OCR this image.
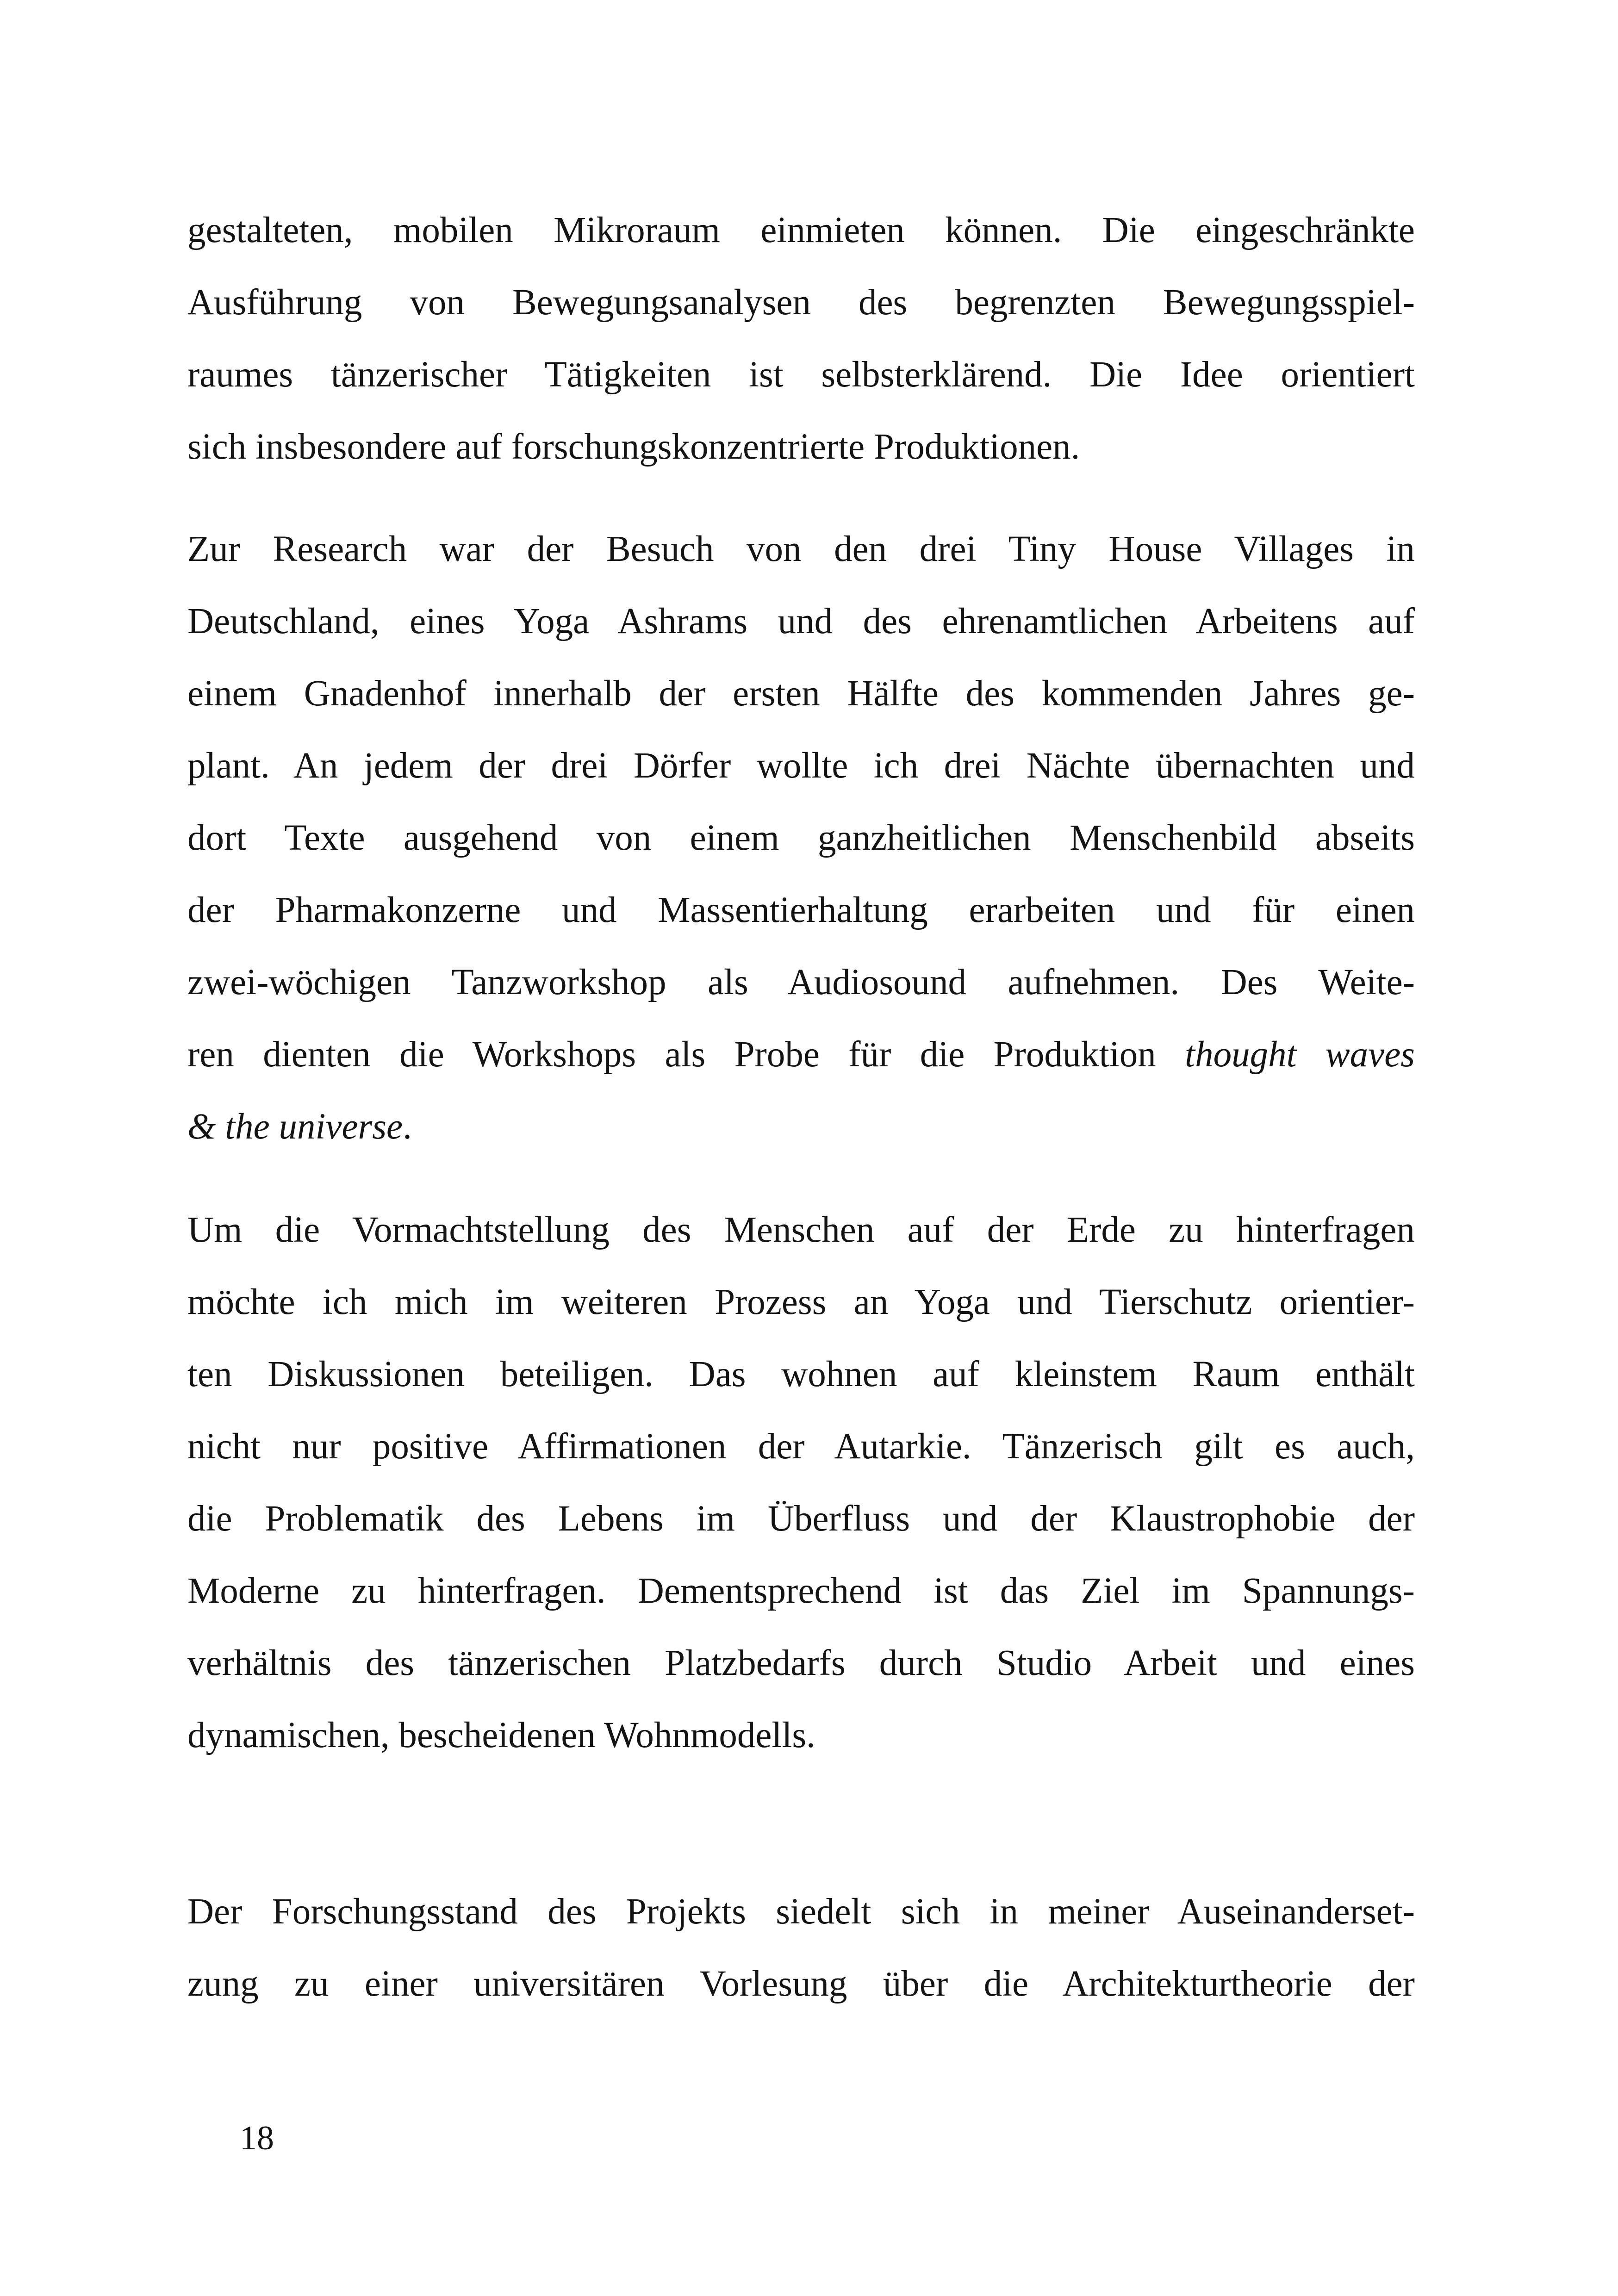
gestalteten, mobilen Mikroraum einmieten können. Die eingeschränkte
Ausführung von Bewegungsanalysen des begrenzten Bewegungsspiel-
raumes tänzerischer Tätigkeiten ist selbsterklärend. Die Idee orientiert
sich insbesondere auf forschungskonzentrierte Produktionen.
Zur Research war der Besuch von den drei Tiny House Villages in
Deutschland, eines Yoga Ashrams und des ehrenamtlichen Arbeitens auf
einem Gnadenhof innerhalb der ersten Hälfte des kommenden Jahres ge-
plant. An jedem der drei Dörfer wollte ich drei Nächte übernachten und
dort Texte ausgehend von einem ganzheitlichen Menschenbild abseits
der Pharmakonzerne und Massentierhaltung erarbeiten und für einen
zwei-wöchigen Tanzworkshop als Audiosound aufnehmen. Des Weite-
ren dienten die Workshops als Probe für die Produktion thought waves
& the universe.
Um die Vormachtstellung des Menschen auf der Erde zu hinterfragen
möchte ich mich im weiteren Prozess an Yoga und Tierschutz orientier-
ten Diskussionen beteiligen. Das wohnen auf kleinstem Raum enthält
nicht nur positive Affirmationen der Autarkie. Tänzerisch gilt es auch,
die Problematik des Lebens im Überfluss und der Klaustrophobie der
Moderne zu hinterfragen. Dementsprechend ist das Ziel im Spannungs-
verhältnis des tänzerischen Platzbedarfs durch Studio Arbeit und eines
dynamischen, bescheidenen Wohnmodells.
Der Forschungsstand des Projekts siedelt sich in meiner Auseinanderset-
zung zu einer universitären Vorlesung über die Architekturtheorie der
18
